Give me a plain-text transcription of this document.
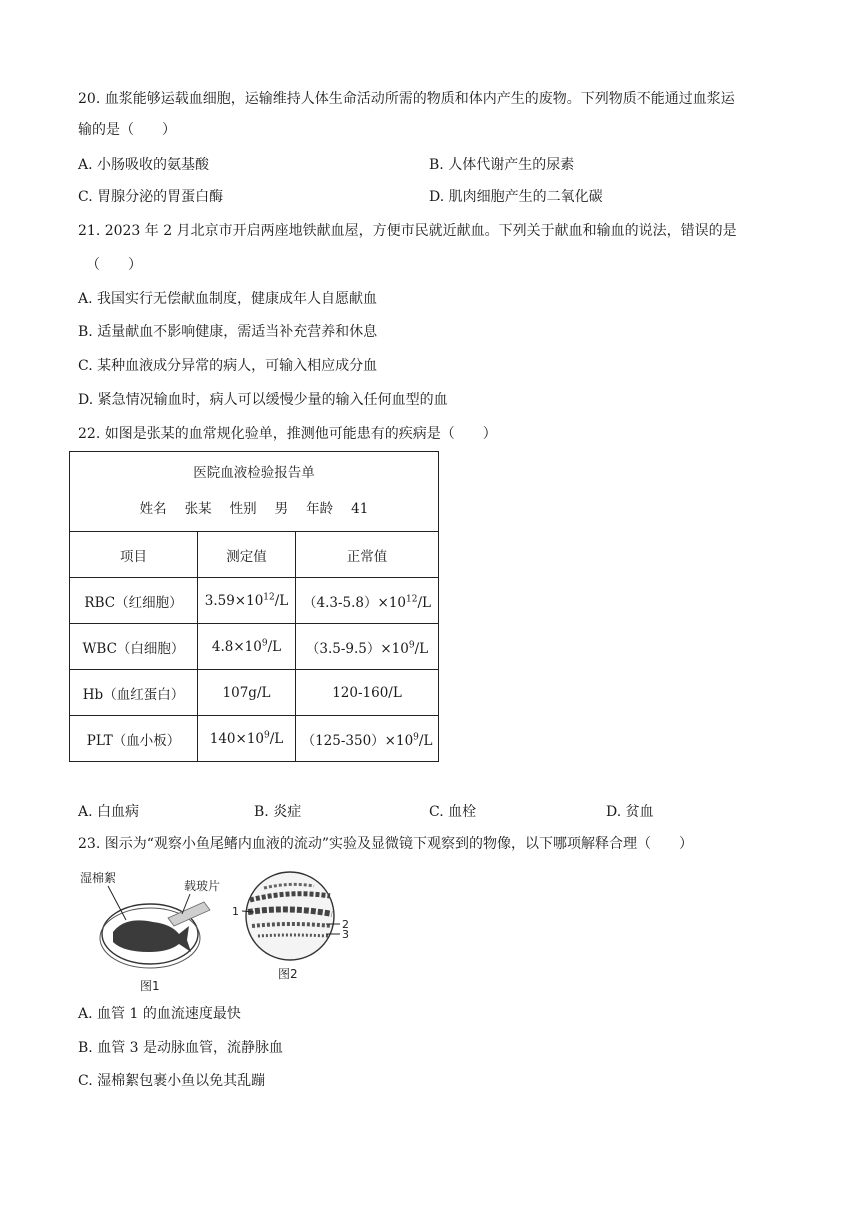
20. 血浆能够运载血细胞，运输维持人体生命活动所需的物质和体内产生的废物。下列物质不能通过血浆运
输的是（　　）
A. 小肠吸收的氨基酸	B. 人体代谢产生的尿素
C. 胃腺分泌的胃蛋白酶	D. 肌肉细胞产生的二氧化碳
21. 2023 年 2 月北京市开启两座地铁献血屋，方便市民就近献血。下列关于献血和输血的说法，错误的是
（　　）
A. 我国实行无偿献血制度，健康成年人自愿献血
B. 适量献血不影响健康，需适当补充营养和休息
C. 某种血液成分异常的病人，可输入相应成分血
D. 紧急情况输血时，病人可以缓慢少量的输入任何血型的血
22. 如图是张某的血常规化验单，推测他可能患有的疾病是（　　）
医院血液检验报告单
姓名 张某 性别 男 年龄 41		

项目	测定值	正常值
RBC（红细胞）	$3.59\times 10^{12}/L$	$(4.3-5.8)\times 10^{12}/L$
WBC（白细胞）	$4.8\times 10^9/L$	$(3.5-9.5)\times 10^9/L$
Hb（血红蛋白）	107g/L	120-160/L
PLT（血小板）	$140\times 10^9/L$	$(125-350)\times 10^9/L$
A. 白血病	B. 炎症	C. 血栓	D. 贫血
23. 图示为“观察小鱼尾鳍内血液的流动”实验及显微镜下观察到的物像，以下哪项解释合理（　　）
湿棉絮
载玻片
图1
1
2
3
图2
A. 血管 1 的血流速度最快
B. 血管 3 是动脉血管，流静脉血
C. 湿棉絮包裹小鱼以免其乱蹦
